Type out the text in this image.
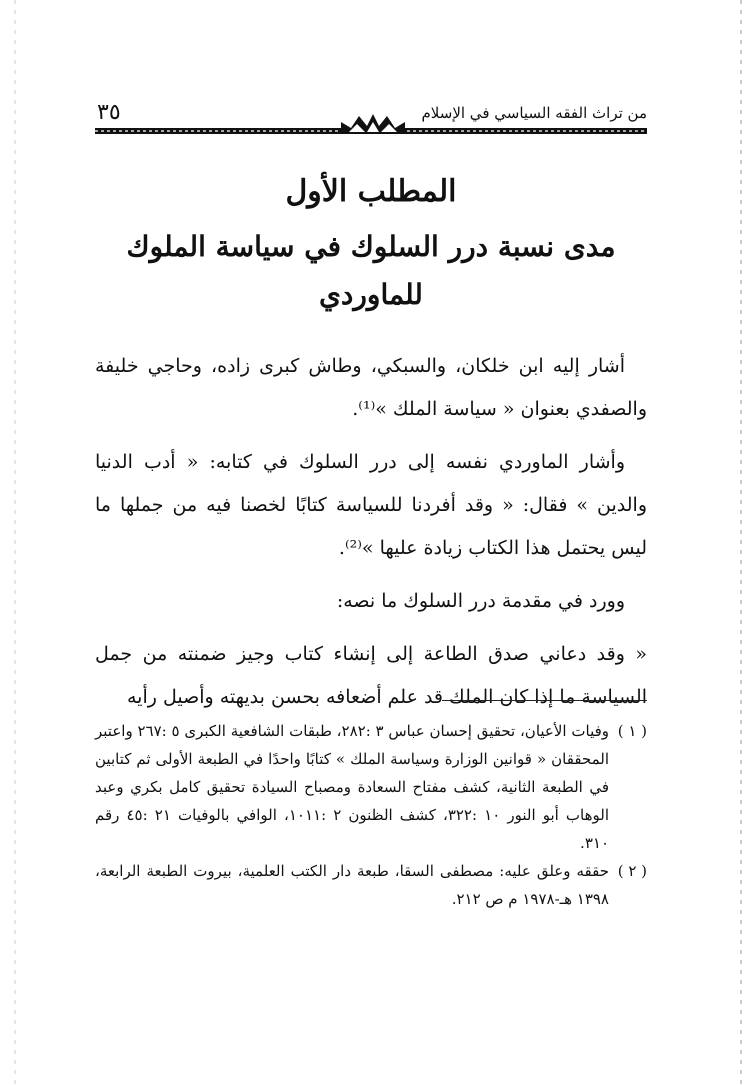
٣٥	من تراث الفقه السياسي في الإسلام
المطلب الأول
مدى نسبة درر السلوك في سياسة الملوك
للماوردي

أشار إليه ابن خلكان، والسبكي، وطاش كبرى زاده، وحاجي خليفة والصفدي بعنوان « سياسة الملك »⁽¹⁾.

وأشار الماوردي نفسه إلى درر السلوك في كتابه: « أدب الدنيا والدين » فقال: « وقد أفردنا للسياسة كتابًا لخصنا فيه من جملها ما ليس يحتمل هذا الكتاب زيادة عليها »⁽²⁾.

وورد في مقدمة درر السلوك ما نصه:

« وقد دعاني صدق الطاعة إلى إنشاء كتاب وجيز ضمنته من جمل السياسة ما إذا كان الملك قد علم أضعافه بحسن بديهته وأصيل رأيه

( ١ )
وفيات الأعيان، تحقيق إحسان عباس ٣ :٢٨٢، طبقات الشافعية الكبرى ٥ :٢٦٧ واعتبر المحققان « قوانين الوزارة وسياسة الملك » كتابًا واحدًا في الطبعة الأولى ثم كتابين في الطبعة الثانية، كشف مفتاح السعادة ومصباح السيادة تحقيق كامل بكري وعبد الوهاب أبو النور ١٠ :٣٢٢، كشف الظنون ٢ :١٠١١، الوافي بالوفيات ٢١ :٤٥ رقم ٣١٠.
( ٢ )
حققه وعلق عليه: مصطفى السقا، طبعة دار الكتب العلمية، بيروت الطبعة الرابعة، ١٣٩٨ هـ-١٩٧٨ م ص ٢١٢.
